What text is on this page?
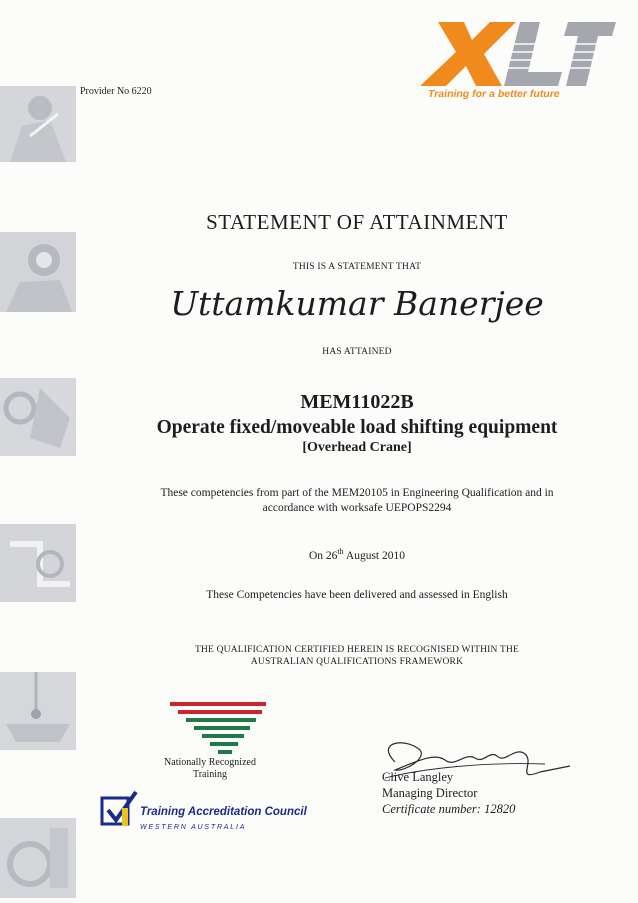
Provider No 6220	Training for a better future
STATEMENT OF ATTAINMENT
THIS IS A STATEMENT THAT
Uttamkumar Banerjee
HAS ATTAINED
MEM11022B
Operate fixed/moveable load shifting equipment
[Overhead Crane]
These competencies from part of the MEM20105 in Engineering Qualification and in
accordance with worksafe UEPOPS2294
On 26th August 2010
These Competencies have been delivered and assessed in English
THE QUALIFICATION CERTIFIED HEREIN IS RECOGNISED WITHIN THE
AUSTRALIAN QUALIFICATIONS FRAMEWORK
Nationally Recognized
Training
Training Accreditation Council
WESTERN AUSTRALIA
Clive Langley
Managing Director
Certificate number: 12820
